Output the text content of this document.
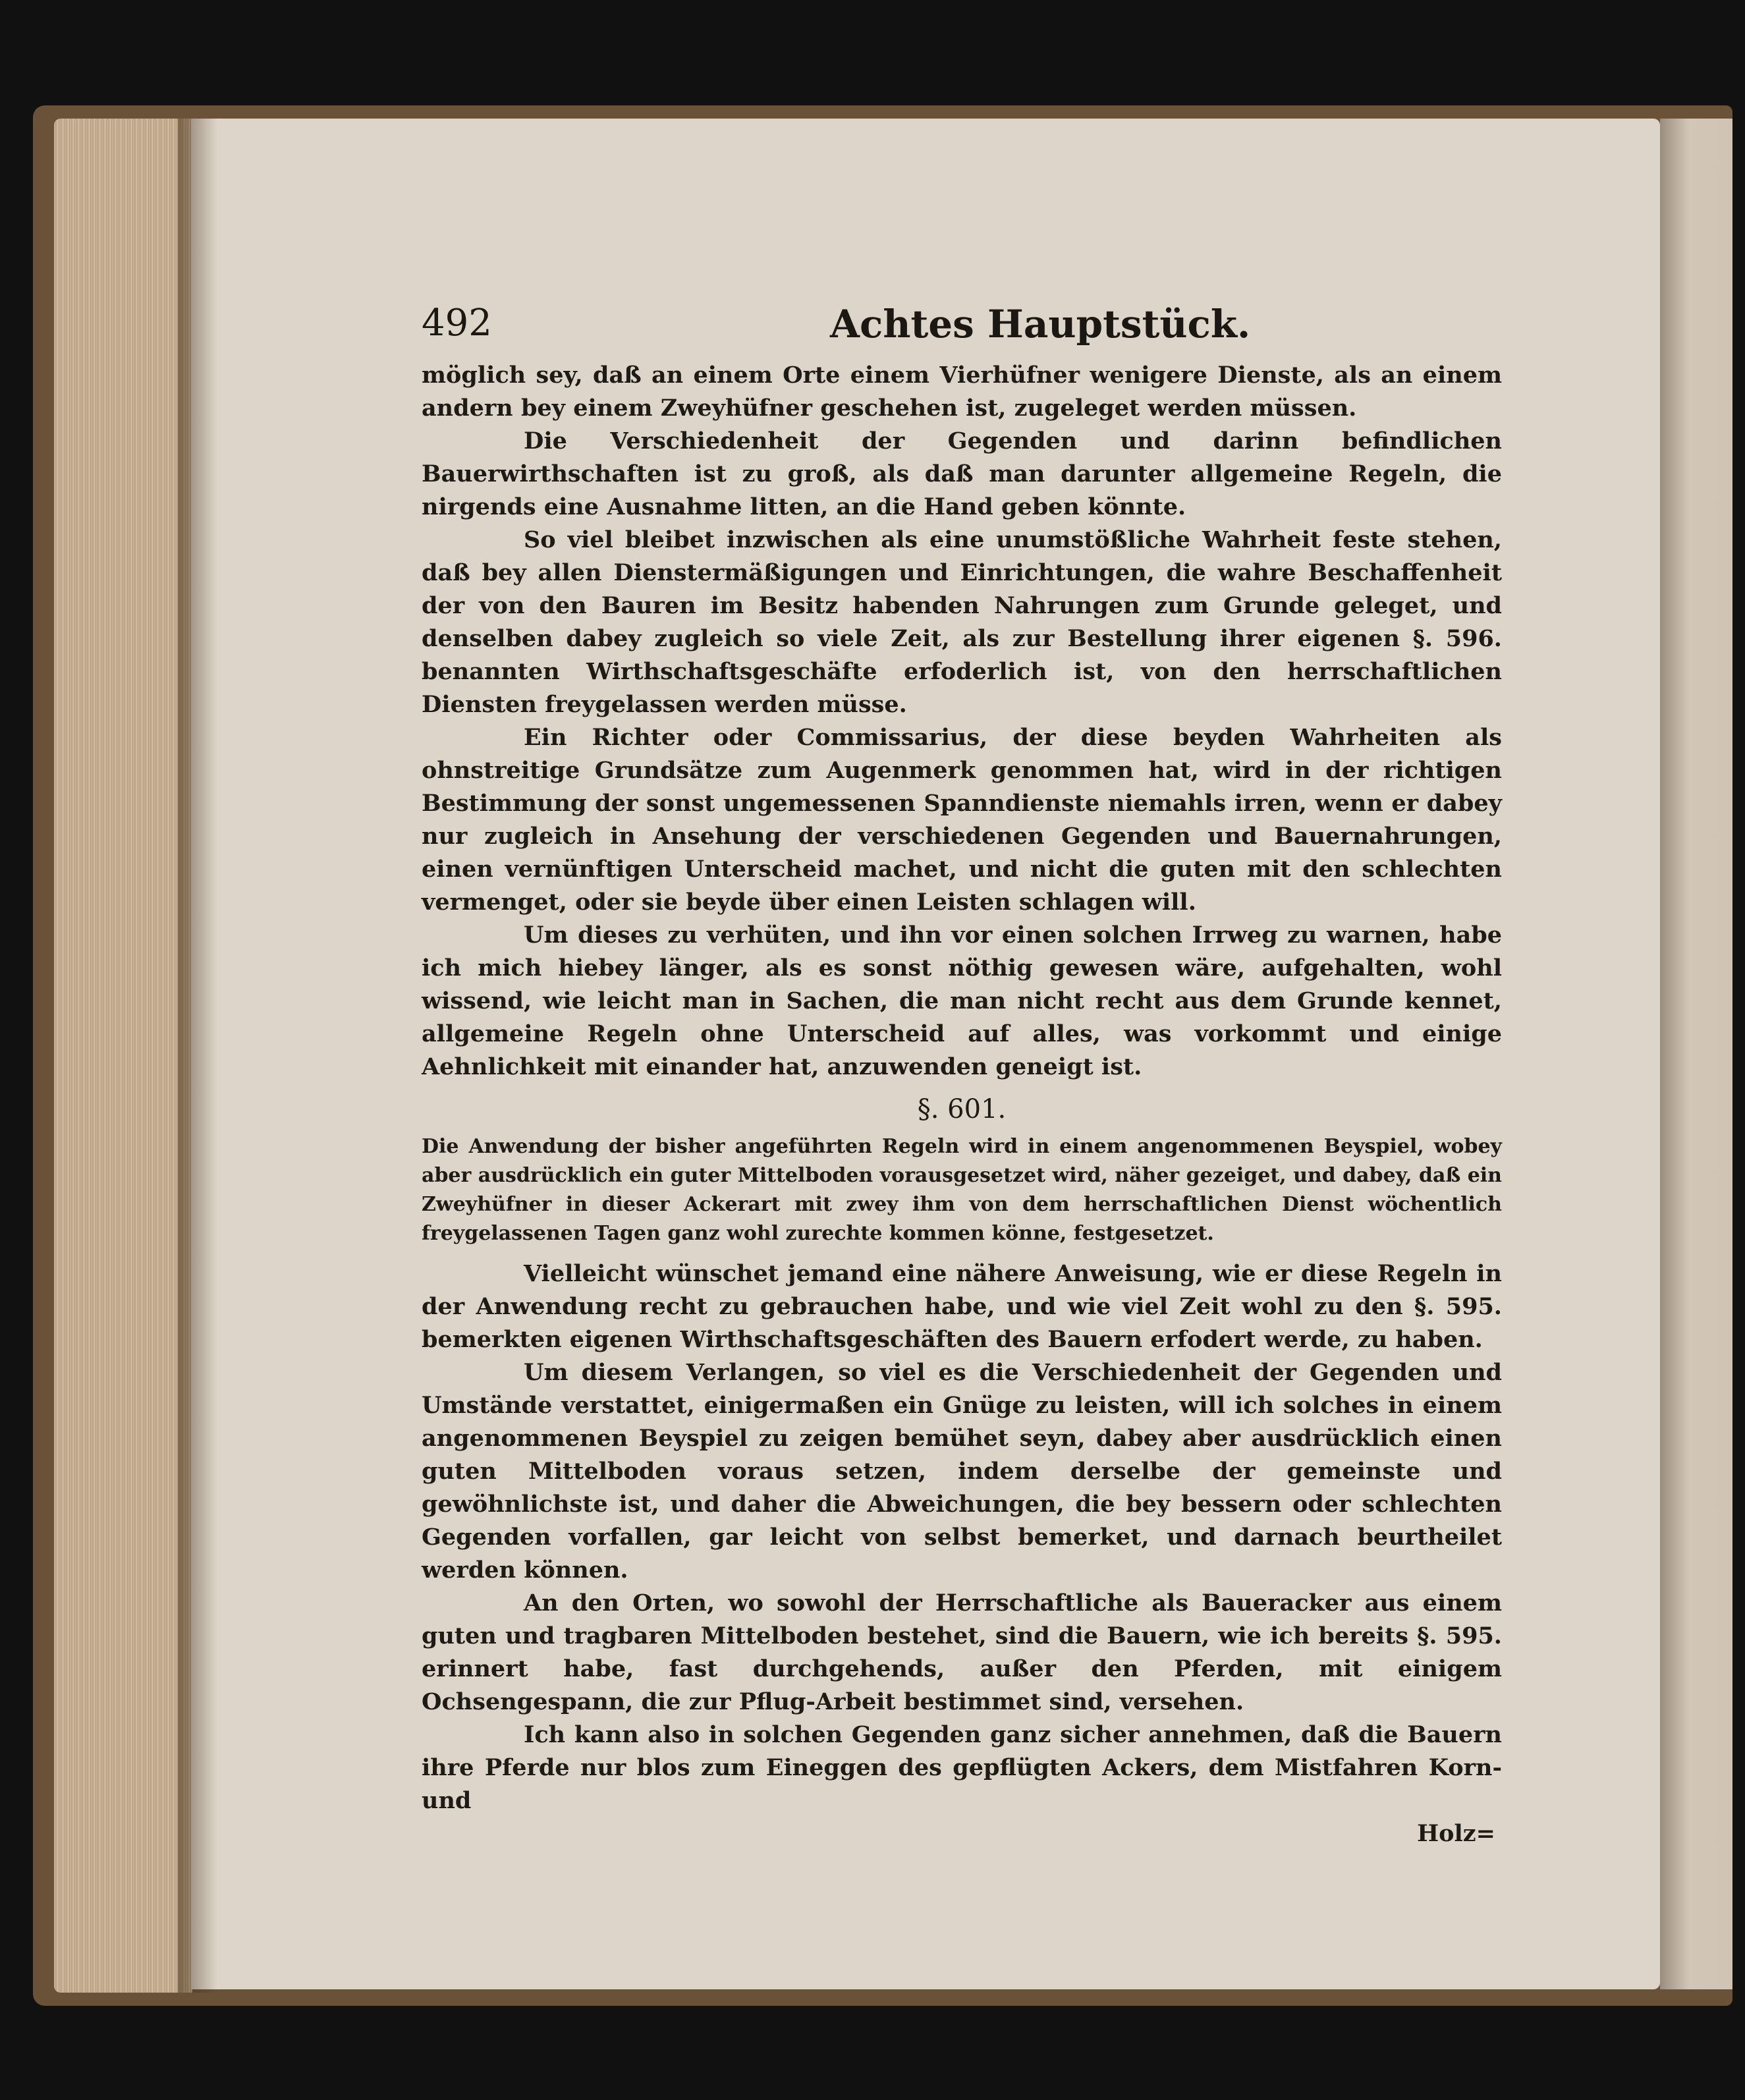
492	Achtes Hauptstück.

möglich sey, daß an einem Orte einem Vierhüfner wenigere Dienste, als an einem andern bey einem Zweyhüfner geschehen ist, zugeleget werden müssen.

Die Verschiedenheit der Gegenden und darinn befindlichen Bauerwirthschaften ist zu groß, als daß man darunter allgemeine Regeln, die nirgends eine Ausnahme litten, an die Hand geben könnte.

So viel bleibet inzwischen als eine unumstößliche Wahrheit feste stehen, daß bey allen Dienstermäßigungen und Einrichtungen, die wahre Beschaffenheit der von den Bauren im Besitz habenden Nahrungen zum Grunde geleget, und denselben dabey zugleich so viele Zeit, als zur Bestellung ihrer eigenen §. 596. benannten Wirthschaftsgeschäfte erfoderlich ist, von den herrschaftlichen Diensten freygelassen werden müsse.

Ein Richter oder Commissarius, der diese beyden Wahrheiten als ohnstreitige Grundsätze zum Augenmerk genommen hat, wird in der richtigen Bestimmung der sonst ungemessenen Spanndienste niemahls irren, wenn er dabey nur zugleich in Ansehung der verschiedenen Gegenden und Bauernahrungen, einen vernünftigen Unterscheid machet, und nicht die guten mit den schlechten vermenget, oder sie beyde über einen Leisten schlagen will.

Um dieses zu verhüten, und ihn vor einen solchen Irrweg zu warnen, habe ich mich hiebey länger, als es sonst nöthig gewesen wäre, aufgehalten, wohl wissend, wie leicht man in Sachen, die man nicht recht aus dem Grunde kennet, allgemeine Regeln ohne Unterscheid auf alles, was vorkommt und einige Aehnlichkeit mit einander hat, anzuwenden geneigt ist.

§. 601.

Die Anwendung der bisher angeführten Regeln wird in einem angenommenen Beyspiel, wobey aber ausdrücklich ein guter Mittelboden vorausgesetzet wird, näher gezeiget, und dabey, daß ein Zweyhüfner in dieser Ackerart mit zwey ihm von dem herrschaftlichen Dienst wöchentlich freygelassenen Tagen ganz wohl zurechte kommen könne, festgesetzet.

Vielleicht wünschet jemand eine nähere Anweisung, wie er diese Regeln in der Anwendung recht zu gebrauchen habe, und wie viel Zeit wohl zu den §. 595. bemerkten eigenen Wirthschaftsgeschäften des Bauern erfodert werde, zu haben.

Um diesem Verlangen, so viel es die Verschiedenheit der Gegenden und Umstände verstattet, einigermaßen ein Gnüge zu leisten, will ich solches in einem angenommenen Beyspiel zu zeigen bemühet seyn, dabey aber ausdrücklich einen guten Mittelboden voraus setzen, indem derselbe der gemeinste und gewöhnlichste ist, und daher die Abweichungen, die bey bessern oder schlechten Gegenden vorfallen, gar leicht von selbst bemerket, und darnach beurtheilet werden können.

An den Orten, wo sowohl der Herrschaftliche als Baueracker aus einem guten und tragbaren Mittelboden bestehet, sind die Bauern, wie ich bereits §. 595. erinnert habe, fast durchgehends, außer den Pferden, mit einigem Ochsengespann, die zur Pflug-Arbeit bestimmet sind, versehen.

Ich kann also in solchen Gegenden ganz sicher annehmen, daß die Bauern ihre Pferde nur blos zum Eineggen des gepflügten Ackers, dem Mistfahren Korn- und

Holz=
